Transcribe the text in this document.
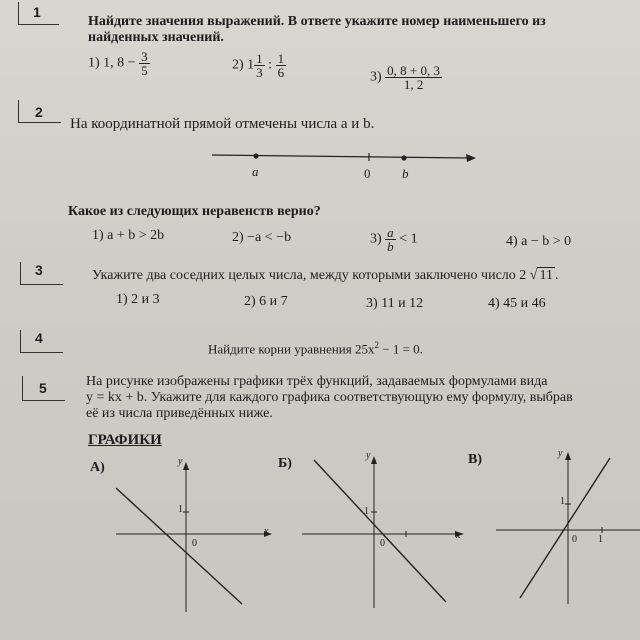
1
Найдите значения выражений. В ответе укажите номер наименьшего из
найденных значений.
1) 1, $8 - \frac{3}{5}$	2) $1 \frac{1}{3}$ : $\frac{1}{6}$	$3) \frac{0, 8 + 0, 3}{1, 2}$
2
На координатной прямой отмечены числа a и b.
a	0 b
Какое из следующих неравенств верно?
1) a + b > 2b	2) −a < −b	$3) \frac{a}{b} < 1$	4) a − b > 0
3	Укажите два соседних целых числа, между которыми заключено число 2 √ 11 .
1) 2 и 3	2) 6 и 7	3) 11 и 12	4) 45 и 46
4
Найдите корни уравнения $25x^2 - 1 = 0$.
5	На рисунке изображены графики трёх функций, задаваемых формулами вида
y = kx + b. Укажите для каждого графика соответствующую ему формулу, выбрав
её из числа приведённых ниже.
ГРАФИКИ
А)	Б)	В)
y
x
1
0
y
x
1
0
y
1
0 1
